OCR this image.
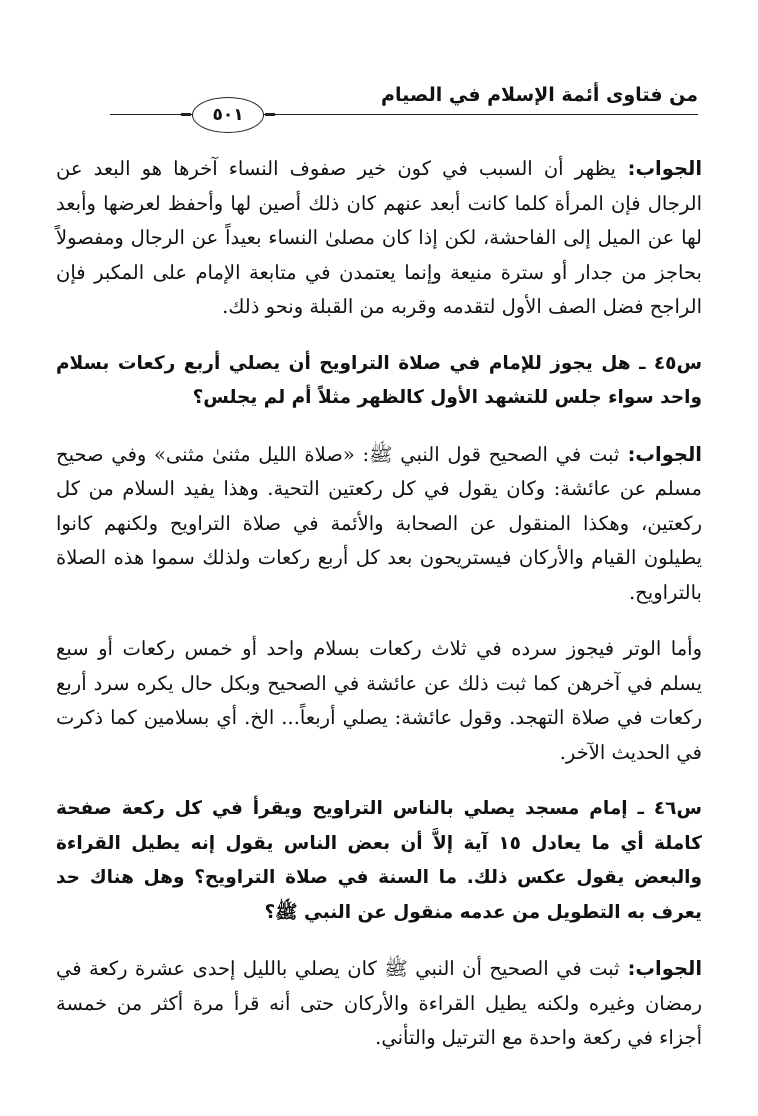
من فتاوى أئمة الإسلام في الصيام
٥٠١

الجواب: يظهر أن السبب في كون خير صفوف النساء آخرها هو البعد عن الرجال فإن المرأة كلما كانت أبعد عنهم كان ذلك أصين لها وأحفظ لعرضها وأبعد لها عن الميل إلى الفاحشة، لكن إذا كان مصلىٰ النساء بعيداً عن الرجال ومفصولاً بحاجز من جدار أو سترة منيعة وإنما يعتمدن في متابعة الإمام على المكبر فإن الراجح فضل الصف الأول لتقدمه وقربه من القبلة ونحو ذلك.

س٤٥ ـ هل يجوز للإمام في صلاة التراويح أن يصلي أربع ركعات بسلام واحد سواء جلس للتشهد الأول كالظهر مثلاً أم لم يجلس؟

الجواب: ثبت في الصحيح قول النبي ﷺ: «صلاة الليل مثنىٰ مثنى» وفي صحيح مسلم عن عائشة: وكان يقول في كل ركعتين التحية. وهذا يفيد السلام من كل ركعتين، وهكذا المنقول عن الصحابة والأئمة في صلاة التراويح ولكنهم كانوا يطيلون القيام والأركان فيستريحون بعد كل أربع ركعات ولذلك سموا هذه الصلاة بالتراويح.

وأما الوتر فيجوز سرده في ثلاث ركعات بسلام واحد أو خمس ركعات أو سبع يسلم في آخرهن كما ثبت ذلك عن عائشة في الصحيح وبكل حال يكره سرد أربع ركعات في صلاة التهجد. وقول عائشة: يصلي أربعاً... الخ. أي بسلامين كما ذكرت في الحديث الآخر.

س٤٦ ـ إمام مسجد يصلي بالناس التراويح ويقرأ في كل ركعة صفحة كاملة أي ما يعادل ١٥ آية إلاَّ أن بعض الناس يقول إنه يطيل القراءة والبعض يقول عكس ذلك. ما السنة في صلاة التراويح؟ وهل هناك حد يعرف به التطويل من عدمه منقول عن النبي ﷺ؟

الجواب: ثبت في الصحيح أن النبي ﷺ كان يصلي بالليل إحدى عشرة ركعة في رمضان وغيره ولكنه يطيل القراءة والأركان حتى أنه قرأ مرة أكثر من خمسة أجزاء في ركعة واحدة مع الترتيل والتأني.
